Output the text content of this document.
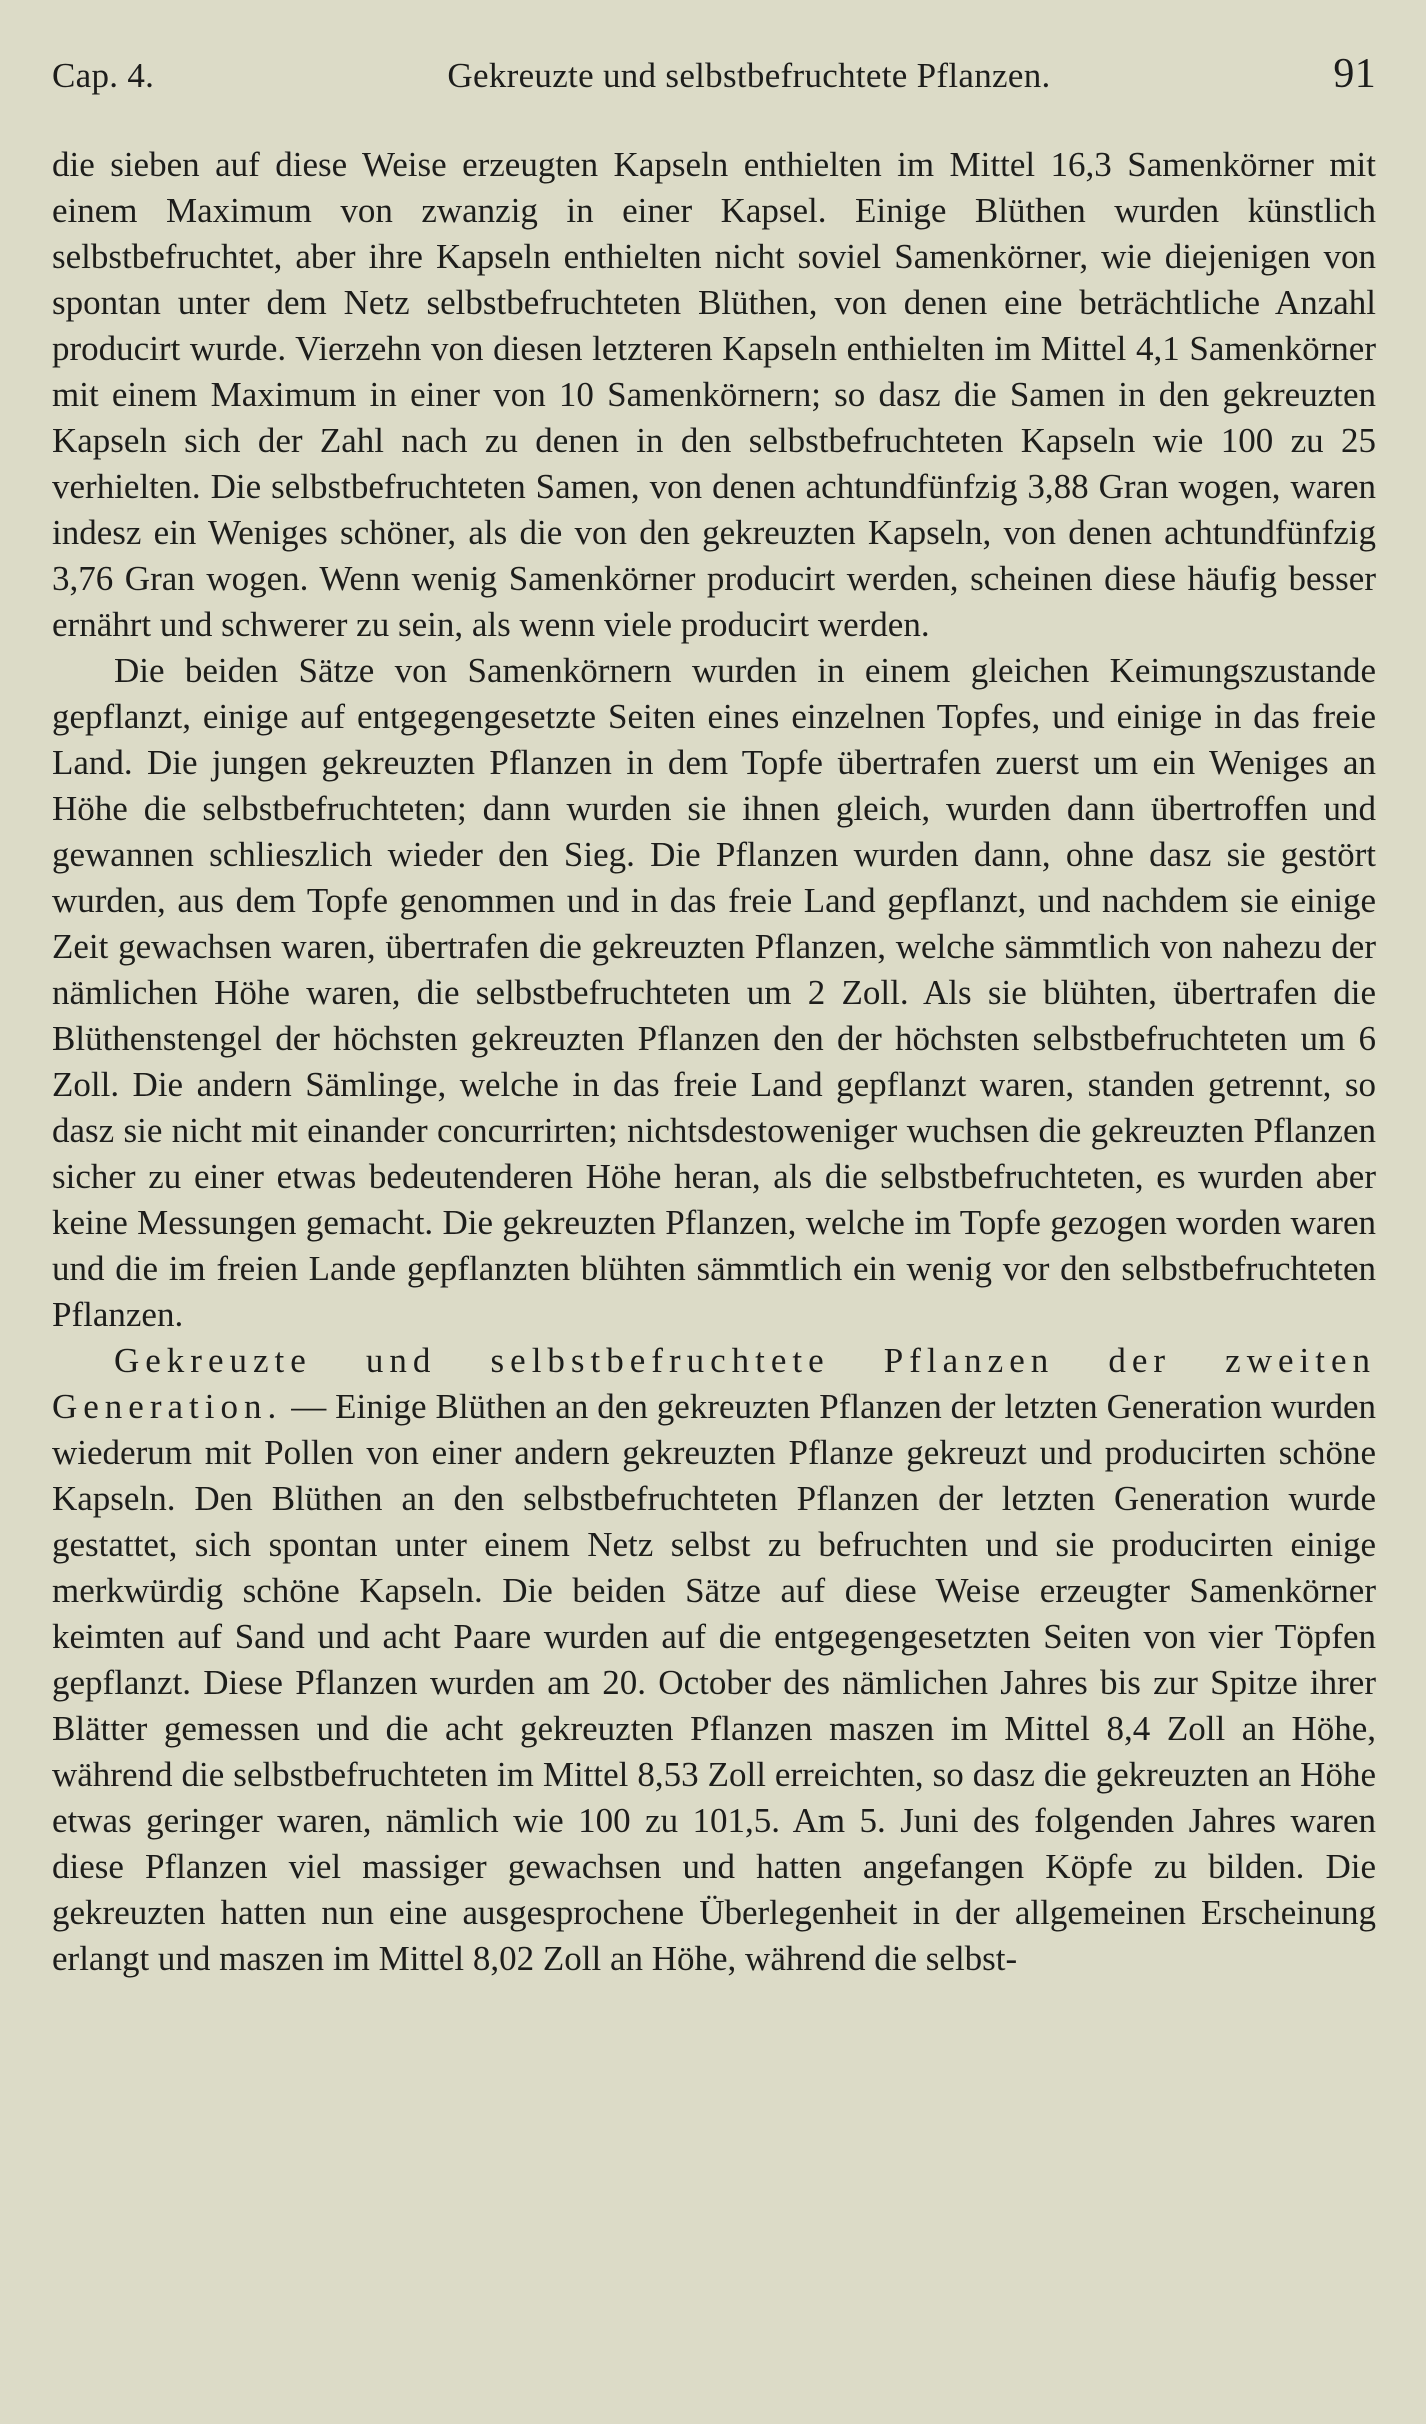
Cap. 4.	Gekreuzte und selbstbefruchtete Pflanzen.	91

die sieben auf diese Weise erzeugten Kapseln enthielten im Mittel 16,3 Samenkörner mit einem Maximum von zwanzig in einer Kapsel. Einige Blüthen wurden künstlich selbstbefruchtet, aber ihre Kapseln enthielten nicht soviel Samenkörner, wie diejenigen von spontan unter dem Netz selbstbefruchteten Blüthen, von denen eine beträchtliche Anzahl producirt wurde. Vierzehn von diesen letzteren Kapseln enthielten im Mittel 4,1 Samenkörner mit einem Maximum in einer von 10 Samenkörnern; so dasz die Samen in den gekreuzten Kapseln sich der Zahl nach zu denen in den selbstbefruchteten Kapseln wie 100 zu 25 verhielten. Die selbstbefruchteten Samen, von denen achtundfünfzig 3,88 Gran wogen, waren indesz ein Weniges schöner, als die von den gekreuzten Kapseln, von denen achtundfünfzig 3,76 Gran wogen. Wenn wenig Samenkörner producirt werden, scheinen diese häufig besser ernährt und schwerer zu sein, als wenn viele producirt werden.

Die beiden Sätze von Samenkörnern wurden in einem gleichen Keimungszustande gepflanzt, einige auf entgegengesetzte Seiten eines einzelnen Topfes, und einige in das freie Land. Die jungen gekreuzten Pflanzen in dem Topfe übertrafen zuerst um ein Weniges an Höhe die selbstbefruchteten; dann wurden sie ihnen gleich, wurden dann übertroffen und gewannen schlieszlich wieder den Sieg. Die Pflanzen wurden dann, ohne dasz sie gestört wurden, aus dem Topfe genommen und in das freie Land gepflanzt, und nachdem sie einige Zeit gewachsen waren, übertrafen die gekreuzten Pflanzen, welche sämmtlich von nahezu der nämlichen Höhe waren, die selbstbefruchteten um 2 Zoll. Als sie blühten, übertrafen die Blüthenstengel der höchsten gekreuzten Pflanzen den der höchsten selbstbefruchteten um 6 Zoll. Die andern Sämlinge, welche in das freie Land gepflanzt waren, standen getrennt, so dasz sie nicht mit einander concurrirten; nichtsdestoweniger wuchsen die gekreuzten Pflanzen sicher zu einer etwas bedeutenderen Höhe heran, als die selbstbefruchteten, es wurden aber keine Messungen gemacht. Die gekreuzten Pflanzen, welche im Topfe gezogen worden waren und die im freien Lande gepflanzten blühten sämmtlich ein wenig vor den selbstbefruchteten Pflanzen.

Gekreuzte und selbstbefruchtete Pflanzen der zweiten Generation. — Einige Blüthen an den gekreuzten Pflanzen der letzten Generation wurden wiederum mit Pollen von einer andern gekreuzten Pflanze gekreuzt und producirten schöne Kapseln. Den Blüthen an den selbstbefruchteten Pflanzen der letzten Generation wurde gestattet, sich spontan unter einem Netz selbst zu befruchten und sie producirten einige merkwürdig schöne Kapseln. Die beiden Sätze auf diese Weise erzeugter Samenkörner keimten auf Sand und acht Paare wurden auf die entgegengesetzten Seiten von vier Töpfen gepflanzt. Diese Pflanzen wurden am 20. October des nämlichen Jahres bis zur Spitze ihrer Blätter gemessen und die acht gekreuzten Pflanzen maszen im Mittel 8,4 Zoll an Höhe, während die selbstbefruchteten im Mittel 8,53 Zoll erreichten, so dasz die gekreuzten an Höhe etwas geringer waren, nämlich wie 100 zu 101,5. Am 5. Juni des folgenden Jahres waren diese Pflanzen viel massiger gewachsen und hatten angefangen Köpfe zu bilden. Die gekreuzten hatten nun eine ausgesprochene Überlegenheit in der allgemeinen Erscheinung erlangt und maszen im Mittel 8,02 Zoll an Höhe, während die selbst-
